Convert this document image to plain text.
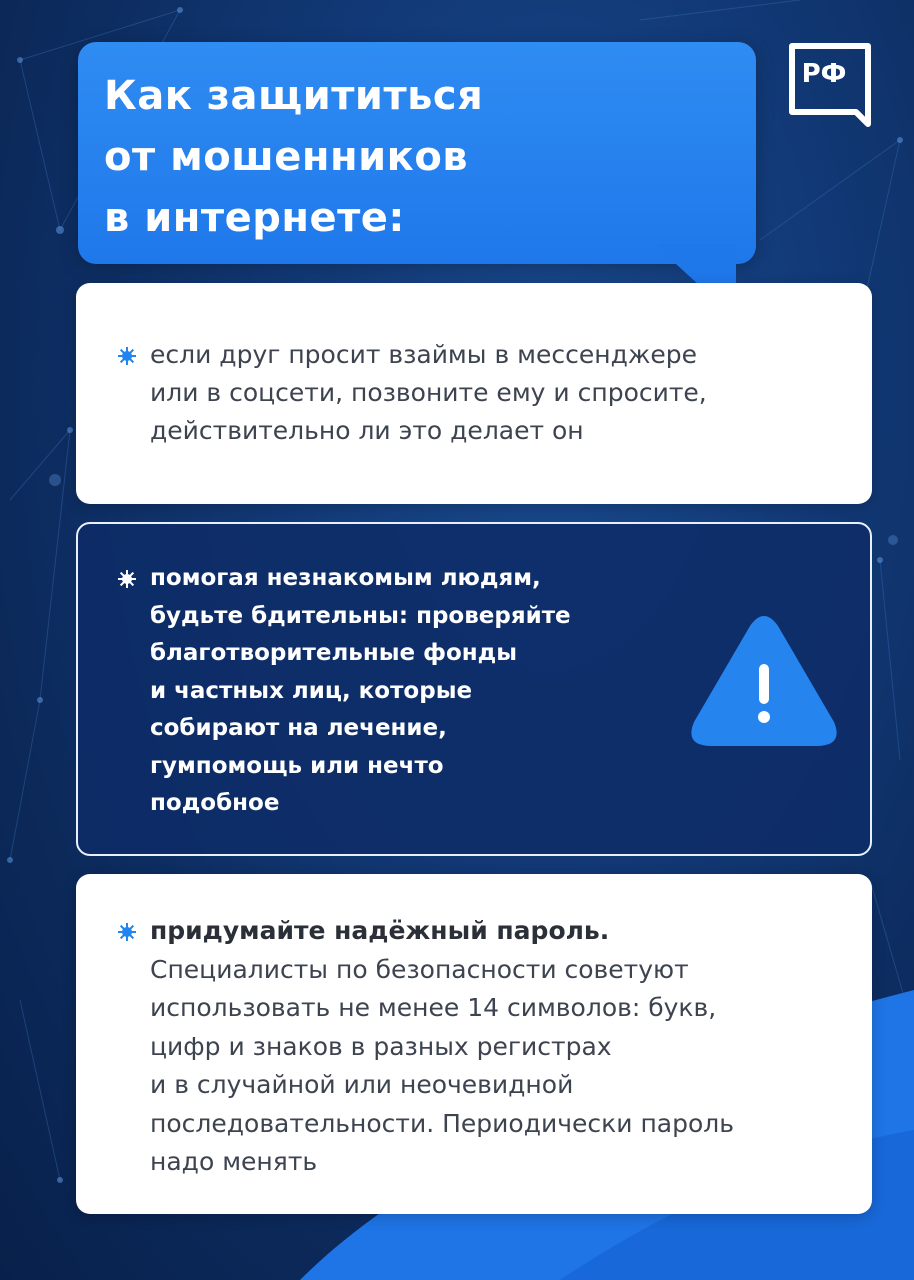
Как защититься
от мошенников
в интернете:
РФ

если друг просит взаймы в мессенджере
или в соцсети, позвоните ему и спросите,
действительно ли это делает он

помогая незнакомым людям,
будьте бдительны: проверяйте
благотворительные фонды
и частных лиц, которые
собирают на лечение,
гумпомощь или нечто
подобное

придумайте надёжный пароль.
Специалисты по безопасности советуют
использовать не менее 14 символов: букв,
цифр и знаков в разных регистрах
и в случайной или неочевидной
последовательности. Периодически пароль
надо менять
